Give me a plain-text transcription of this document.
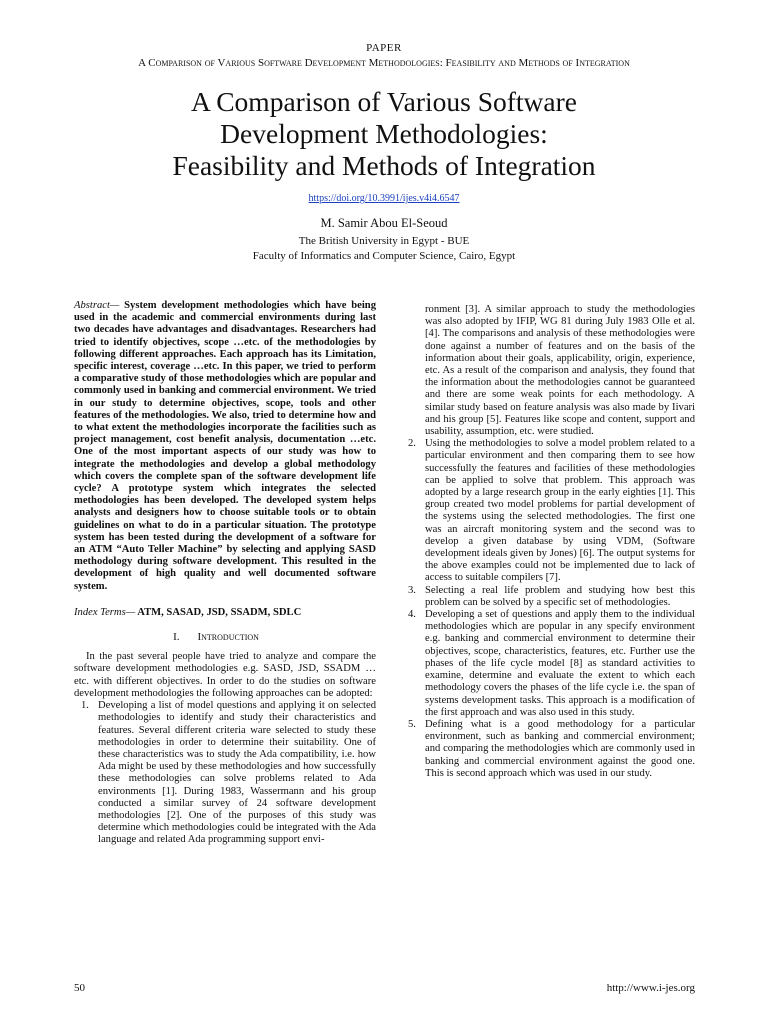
PAPER
A Comparison of Various Software Development Methodologies: Feasibility and Methods of Integration
A Comparison of Various Software
Development Methodologies:
Feasibility and Methods of Integration
https://doi.org/10.3991/ijes.v4i4.6547
M. Samir Abou El-Seoud
The British University in Egypt - BUE
Faculty of Informatics and Computer Science, Cairo, Egypt
Abstract— System development methodologies which have being used in the academic and commercial environments during last two decades have advantages and disadvantages. Researchers had tried to identify objectives, scope …etc. of the methodologies by following different approaches. Each approach has its Limitation, specific interest, coverage …etc. In this paper, we tried to perform a comparative study of those methodologies which are popular and commonly used in banking and commercial environment. We tried in our study to determine objectives, scope, tools and other features of the methodologies. We also, tried to determine how and to what extent the methodologies incorporate the facilities such as project management, cost benefit analysis, documentation …etc. One of the most important aspects of our study was how to integrate the methodologies and develop a global methodology which covers the complete span of the software development life cycle? A prototype system which integrates the selected methodologies has been developed. The developed system helps analysts and designers how to choose suitable tools or to obtain guidelines on what to do in a particular situation. The prototype system has been tested during the development of a software for an ATM “Auto Teller Machine” by selecting and applying SASD methodology during software development. This resulted in the development of high quality and well documented software system.
Index Terms— ATM, SASAD, JSD, SSADM, SDLC
I. Introduction
In the past several people have tried to analyze and compare the software development methodologies e.g. SASD, JSD, SSADM … etc. with different objectives. In order to do the studies on software development methodologies the following approaches can be adopted:
1. Developing a list of model questions and applying it on selected methodologies to identify and study their characteristics and features. Several different criteria ware selected to study these methodologies in order to determine their suitability. One of these characteristics was to study the Ada compatibility, i.e. how Ada might be used by these methodologies and how successfully these methodologies can solve problems related to Ada environments [1]. During 1983, Wassermann and his group conducted a similar survey of 24 software development methodologies [2]. One of the purposes of this study was determine which methodologies could be integrated with the Ada language and related Ada programming support envi-
ronment [3]. A similar approach to study the methodologies was also adopted by IFIP, WG 81 during July 1983 Olle et al. [4]. The comparisons and analysis of these methodologies were done against a number of features and on the basis of the information about their goals, applicability, origin, experience, etc. As a result of the comparison and analysis, they found that the information about the methodologies cannot be guaranteed and there are some weak points for each methodology. A similar study based on feature analysis was also made by Iivari and his group [5]. Features like scope and content, support and usability, assumption, etc. were studied.
2. Using the methodologies to solve a model problem related to a particular environment and then comparing them to see how successfully the features and facilities of these methodologies can be applied to solve that problem. This approach was adopted by a large research group in the early eighties [1]. This group created two model problems for partial development of the systems using the selected methodologies. The first one was an aircraft monitoring system and the second was to develop a given database by using VDM, (Software development ideals given by Jones) [6]. The output systems for the above examples could not be implemented due to lack of access to suitable compilers [7].
3. Selecting a real life problem and studying how best this problem can be solved by a specific set of methodologies.
4. Developing a set of questions and apply them to the individual methodologies which are popular in any specify environment e.g. banking and commercial environment to determine their objectives, scope, characteristics, features, etc. Further use the phases of the life cycle model [8] as standard activities to examine, determine and evaluate the extent to which each methodology covers the phases of the life cycle i.e. the span of systems development tasks. This approach is a modification of the first approach and was also used in this study.
5. Defining what is a good methodology for a particular environment, such as banking and commercial environment; and comparing the methodologies which are commonly used in banking and commercial environment against the good one. This is second approach which was used in our study.
50	http://www.i-jes.org
